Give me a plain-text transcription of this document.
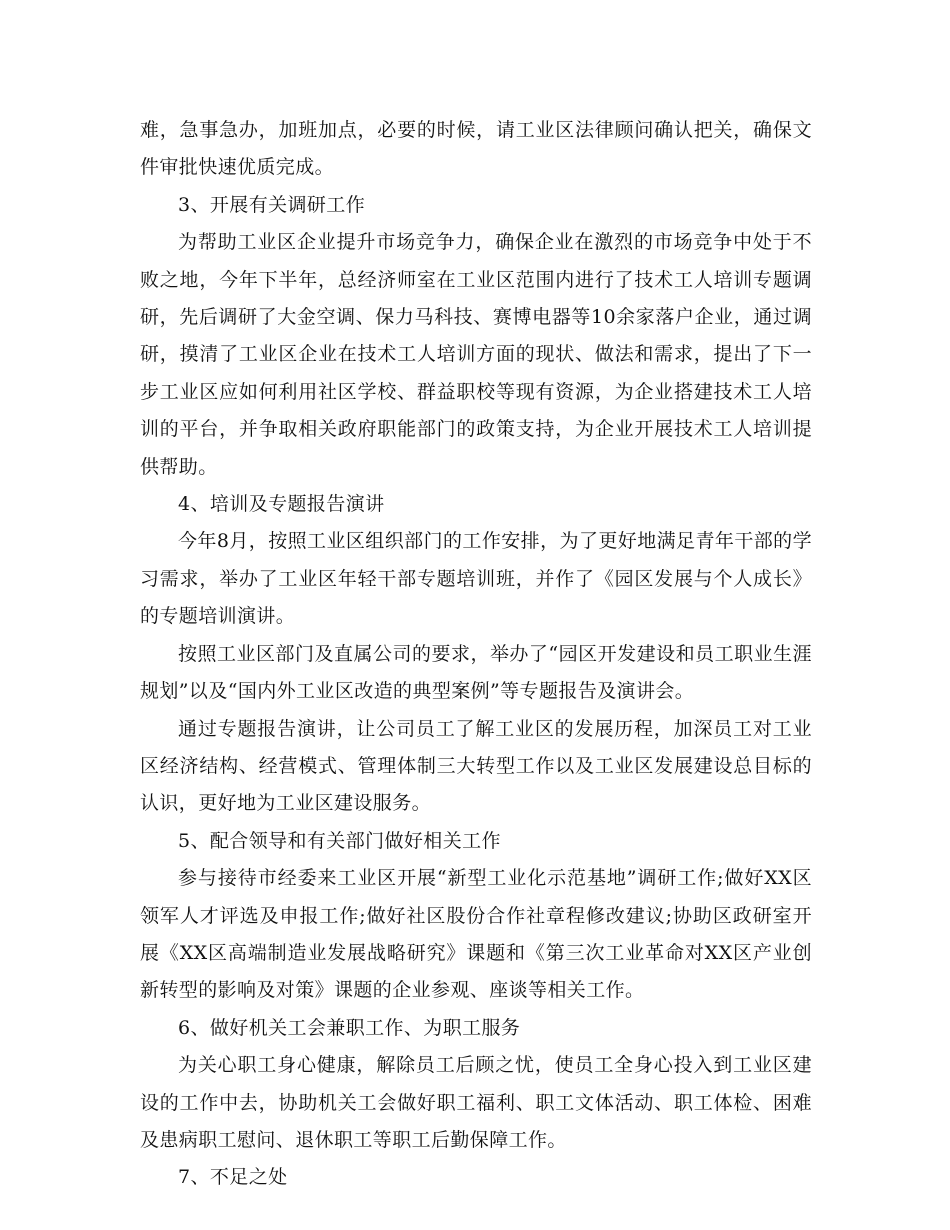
难，急事急办，加班加点，必要的时候，请工业区法律顾问确认把关，确保文件审批快速优质完成。

3、开展有关调研工作

为帮助工业区企业提升市场竞争力，确保企业在激烈的市场竞争中处于不败之地，今年下半年，总经济师室在工业区范围内进行了技术工人培训专题调研，先后调研了大金空调、保力马科技、赛博电器等10余家落户企业，通过调研，摸清了工业区企业在技术工人培训方面的现状、做法和需求，提出了下一步工业区应如何利用社区学校、群益职校等现有资源，为企业搭建技术工人培训的平台，并争取相关政府职能部门的政策支持，为企业开展技术工人培训提供帮助。

4、培训及专题报告演讲

今年8月，按照工业区组织部门的工作安排，为了更好地满足青年干部的学习需求，举办了工业区年轻干部专题培训班，并作了《园区发展与个人成长》的专题培训演讲。

按照工业区部门及直属公司的要求，举办了“园区开发建设和员工职业生涯规划”以及“国内外工业区改造的典型案例”等专题报告及演讲会。

通过专题报告演讲，让公司员工了解工业区的发展历程，加深员工对工业区经济结构、经营模式、管理体制三大转型工作以及工业区发展建设总目标的认识，更好地为工业区建设服务。

5、配合领导和有关部门做好相关工作

参与接待市经委来工业区开展“新型工业化示范基地”调研工作;做好XX区领军人才评选及申报工作;做好社区股份合作社章程修改建议;协助区政研室开展《XX区高端制造业发展战略研究》课题和《第三次工业革命对XX区产业创新转型的影响及对策》课题的企业参观、座谈等相关工作。

6、做好机关工会兼职工作、为职工服务

为关心职工身心健康，解除员工后顾之忧，使员工全身心投入到工业区建设的工作中去，协助机关工会做好职工福利、职工文体活动、职工体检、困难及患病职工慰问、退休职工等职工后勤保障工作。

7、不足之处
